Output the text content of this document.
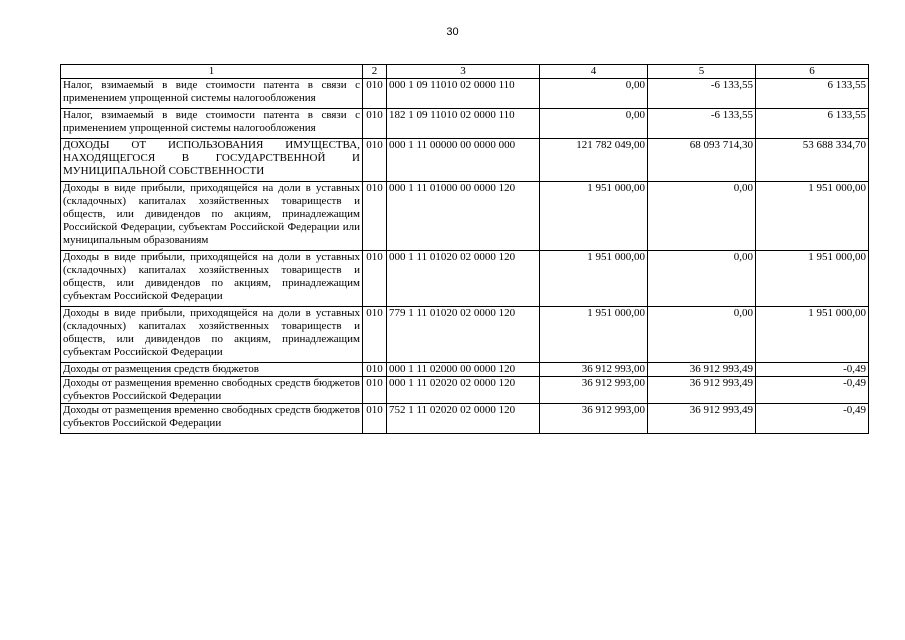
30
1	2	3	4	5	6
Налог, взимаемый в виде стоимости патента в связи с применением упрощенной системы налогообложения	010	000 1 09 11010 02 0000 110	0,00	-6 133,55	6 133,55
Налог, взимаемый в виде стоимости патента в связи с применением упрощенной системы налогообложения	010	182 1 09 11010 02 0000 110	0,00	-6 133,55	6 133,55
ДОХОДЫ ОТ ИСПОЛЬЗОВАНИЯ ИМУЩЕСТВА, НАХОДЯЩЕГОСЯ В ГОСУДАРСТВЕННОЙ И МУНИЦИПАЛЬНОЙ СОБСТВЕННОСТИ	010	000 1 11 00000 00 0000 000	121 782 049,00	68 093 714,30	53 688 334,70
Доходы в виде прибыли, приходящейся на доли в уставных (складочных) капиталах хозяйственных товариществ и обществ, или дивидендов по акциям, принадлежащим Российской Федерации, субъектам Российской Федерации или муниципальным образованиям	010	000 1 11 01000 00 0000 120	1 951 000,00	0,00	1 951 000,00
Доходы в виде прибыли, приходящейся на доли в уставных (складочных) капиталах хозяйственных товариществ и обществ, или дивидендов по акциям, принадлежащим субъектам Российской Федерации	010	000 1 11 01020 02 0000 120	1 951 000,00	0,00	1 951 000,00
Доходы в виде прибыли, приходящейся на доли в уставных (складочных) капиталах хозяйственных товариществ и обществ, или дивидендов по акциям, принадлежащим субъектам Российской Федерации	010	779 1 11 01020 02 0000 120	1 951 000,00	0,00	1 951 000,00
Доходы от размещения средств бюджетов	010	000 1 11 02000 00 0000 120	36 912 993,00	36 912 993,49	-0,49
Доходы от размещения временно свободных средств бюджетов субъектов Российской Федерации	010	000 1 11 02020 02 0000 120	36 912 993,00	36 912 993,49	-0,49
Доходы от размещения временно свободных средств бюджетов субъектов Российской Федерации	010	752 1 11 02020 02 0000 120	36 912 993,00	36 912 993,49	-0,49
